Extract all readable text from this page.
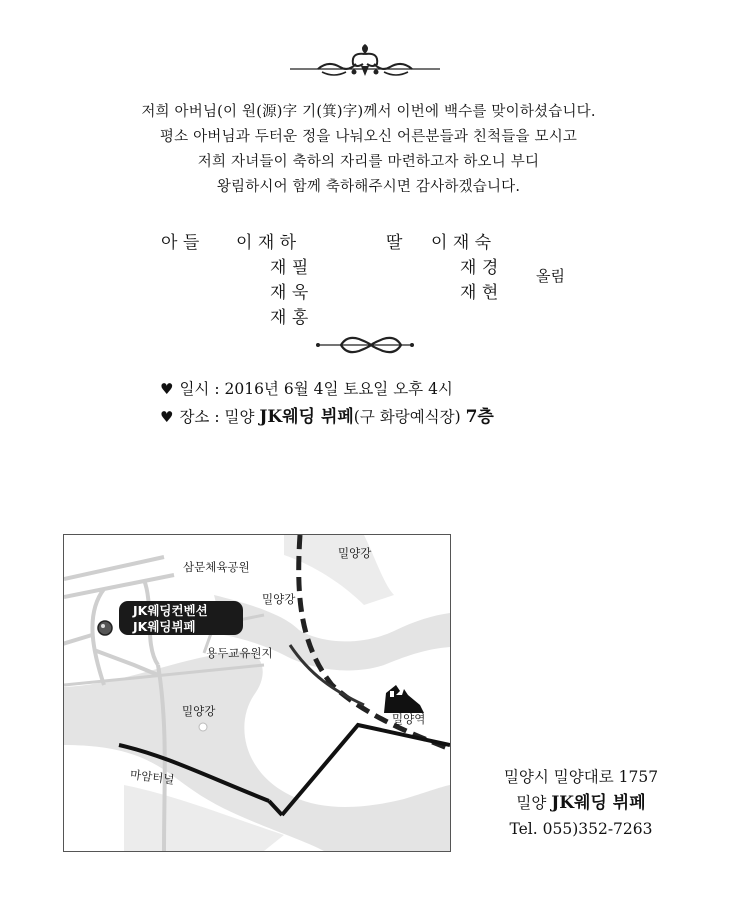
저희 아버님(이 원(源)字 기(箕)字)께서 이번에 백수를 맞이하셨습니다.

평소 아버님과 두터운 정을 나눠오신 어른분들과 친척들을 모시고

저희 자녀들이 축하의 자리를 마련하고자 하오니 부디

왕림하시어 함께 축하해주시면 감사하겠습니다.

아 들 이 재 하
재 필
재 욱
재 홍
딸 이 재 숙
재 경
재 현
올림
♥ 일시 : 2016년 6월 4일 토요일 오후 4시
♥ 장소 : 밀양 JK웨딩 뷔페(구 화랑예식장) 7층
밀양강
삼문체육공원
밀양강
용두교유원지
밀양강
밀양역
마암터널
JK웨딩컨벤션
JK웨딩뷔페
밀양시 밀양대로 1757
밀양 JK웨딩 뷔페
Tel. 055)352-7263
